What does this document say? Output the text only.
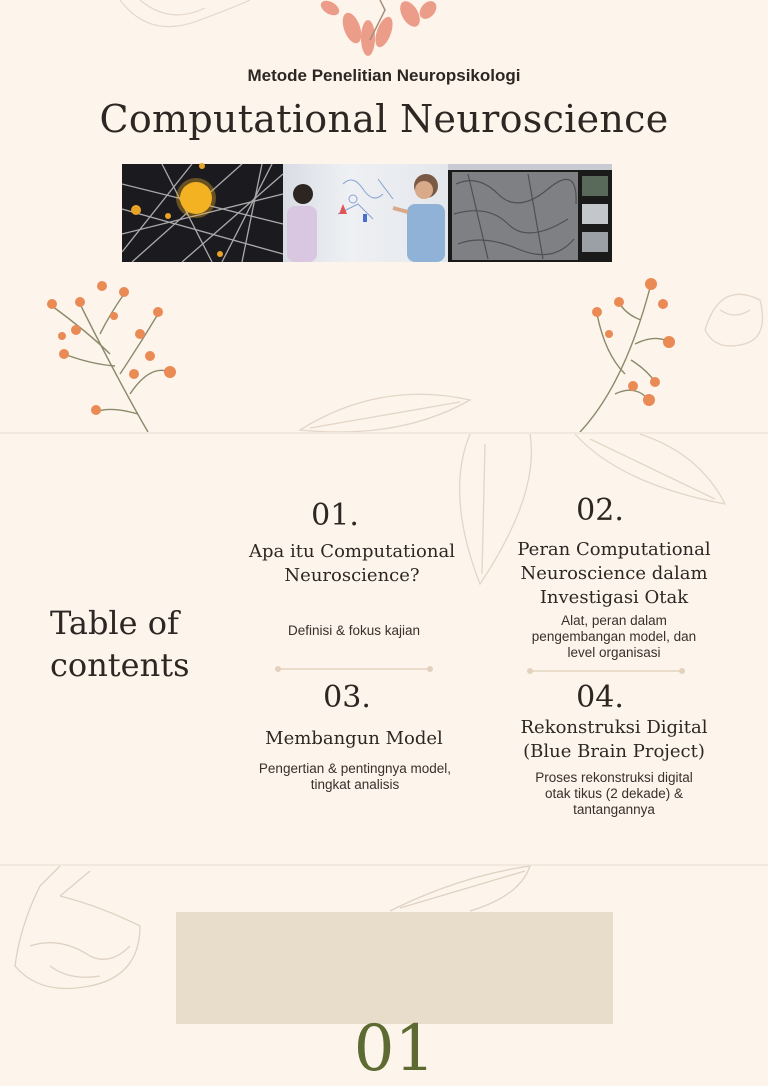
Metode Penelitian Neuropsikologi
Computational Neuroscience
Table of
contents
01.
Apa itu Computational
Neuroscience?
Definisi & fokus kajian
02.
Peran Computational
Neuroscience dalam
Investigasi Otak
Alat, peran dalam
pengembangan model, dan
level organisasi
03.
Membangun Model
Pengertian & pentingnya model,
tingkat analisis
04.
Rekonstruksi Digital
(Blue Brain Project)
Proses rekonstruksi digital
otak tikus (2 dekade) &
tantangannya
01
